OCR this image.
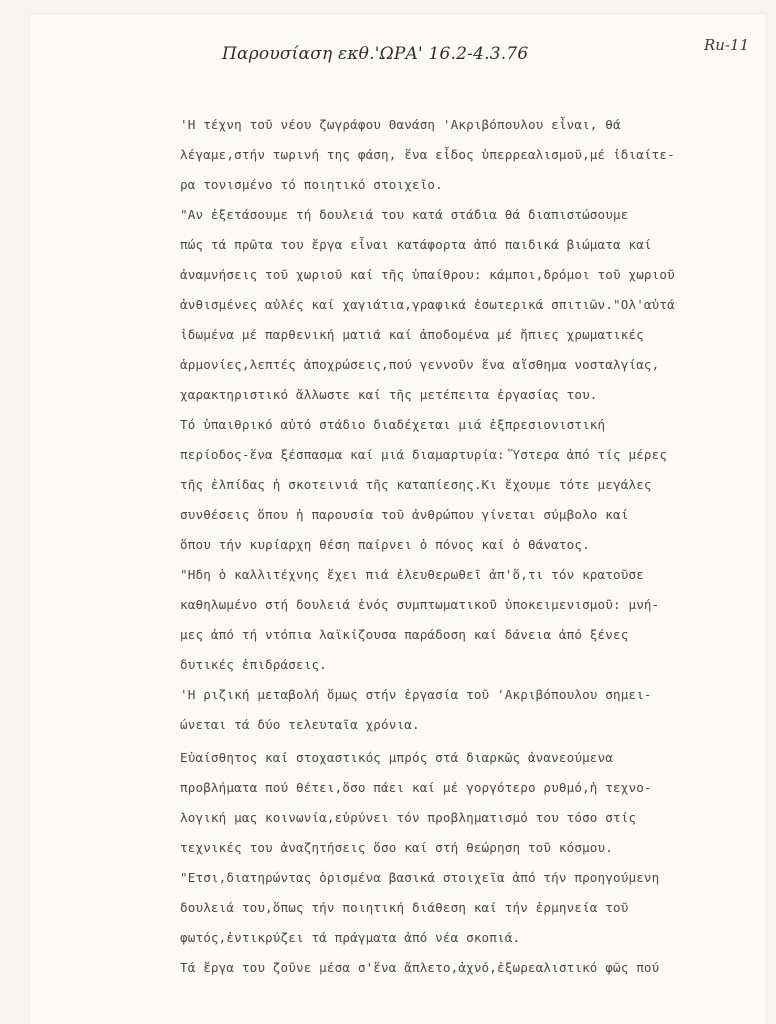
Παρουσίαση εκθ.'ΩΡΑ' 16.2-4.3.76	Ru-11
'Η τέχνη τοῦ νέου ζωγράφου Θανάση 'Ακριβόπουλου εἶναι, θά
λέγαμε,στήν τωρινή της φάση, ἕνα εἶδος ὑπερρεαλισμοῦ,μέ ἰδιαίτε-
ρα τονισμένο τό ποιητικό στοιχεῖο.
"Αν ἐξετάσουμε τή δουλειά του κατά στάδια θά διαπιστώσουμε
πώς τά πρῶτα του ἔργα εἶναι κατάφορτα ἀπό παιδικά βιώματα καί
ἀναμνήσεις τοῦ χωριοῦ καί τῆς ὑπαίθρου: κάμποι,δρόμοι τοῦ χωριοῦ
ἀνθισμένες αὐλές καί χαγιάτια,γραφικά ἐσωτερικά σπιτιῶν."Ολ'αὐτά
ἰδωμένα μέ παρθενική ματιά καί ἀποδομένα μέ ἤπιες χρωματικές
ἁρμονίες,λεπτές ἀποχρώσεις,πού γεννοῦν ἕνα αἴσθημα νοσταλγίας,
χαρακτηριστικό ἄλλωστε καί τῆς μετέπειτα ἐργασίας του.
Τό ὑπαιθρικό αὐτό στάδιο διαδέχεται μιά ἐξπρεσιονιστική
περίοδος-ἕνα ξέσπασμα καί μιά διαμαρτυρία: Ὕστερα ἀπό τίς μέρες
τῆς ἐλπίδας ἡ σκοτεινιά τῆς καταπίεσης.Κι ἔχουμε τότε μεγάλες
συνθέσεις ὅπου ἡ παρουσία τοῦ ἀνθρώπου γίνεται σύμβολο καί
ὅπου τήν κυρίαρχη θέση παίρνει ὁ πόνος καί ὁ θάνατος.
"Ηδη ὁ καλλιτέχνης ἔχει πιά ἐλευθερωθεῖ ἀπ'ὅ,τι τόν κρατοῦσε
καθηλωμένο στή δουλειά ἑνός συμπτωματικοῦ ὑποκειμενισμοῦ: μνή-
μες ἀπό τή ντόπια λαϊκίζουσα παράδοση καί δάνεια ἀπό ξένες
δυτικές ἐπιδράσεις.
'Η ριζική μεταβολή ὅμως στήν ἐργασία τοῦ 'Ακριβόπουλου σημει-
ώνεται τά δύο τελευταῖα χρόνια.
Εὐαίσθητος καί στοχαστικός μπρός στά διαρκῶς ἀνανεούμενα
προβλήματα πού θέτει,ὅσο πάει καί μέ γοργότερο ρυθμό,ἡ τεχνο-
λογική μας κοινωνία,εὐρύνει τόν προβληματισμό του τόσο στίς
τεχνικές του ἀναζητήσεις ὅσο καί στή θεώρηση τοῦ κόσμου.
"Ετσι,διατηρώντας ὁρισμένα βασικά στοιχεῖα ἀπό τήν προηγούμενη
δουλειά του,ὅπως τήν ποιητική διάθεση καί τήν ἑρμηνεία τοῦ
φωτός,ἐντικρύζει τά πράγματα ἀπό νέα σκοπιά.
Τά ἔργα του ζοῦνε μέσα σ'ἕνα ἄπλετο,ἀχνό,ἐξωρεαλιστικό φῶς πού
